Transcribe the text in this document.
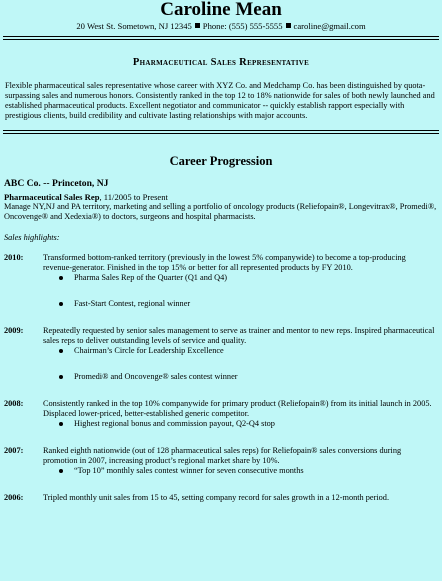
Caroline Mean

20 West St. Sometown, NJ 12345 Phone: (555) 555-5555 caroline@gmail.com

Pharmaceutical Sales Representative

Flexible pharmaceutical sales representative whose career with XYZ Co. and Medchamp Co. has been distinguished by quota-surpassing sales and numerous honors. Consistently ranked in the top 12 to 18% nationwide for sales of both newly launched and established pharmaceutical products. Excellent negotiator and communicator -- quickly establish rapport especially with prestigious clients, build credibility and cultivate lasting relationships with major accounts.

Career Progression
ABC Co. -- Princeton, NJ
Pharmaceutical Sales Rep, 11/2005 to Present
Manage NY,NJ and PA territory, marketing and selling a portfolio of oncology products (Reliefopain®, Longevitrax®, Promedi®, Oncovenge® and Xedexia®) to doctors, surgeons and hospital pharmacists.
Sales highlights:
2010:	Transformed bottom-ranked territory (previously in the lowest 5% companywide) to become a top-producing revenue-generator. Finished in the top 15% or better for all represented products by FY 2010.
Pharma Sales Rep of the Quarter (Q1 and Q4)
Fast-Start Contest, regional winner
2009:	Repeatedly requested by senior sales management to serve as trainer and mentor to new reps. Inspired pharmaceutical sales reps to deliver outstanding levels of service and quality.
Chairman’s Circle for Leadership Excellence
Promedi® and Oncovenge® sales contest winner
2008:	Consistently ranked in the top 10% companywide for primary product (Reliefopain®) from its initial launch in 2005. Displaced lower-priced, better-established generic competitor.
Highest regional bonus and commission payout, Q2-Q4 stop
2007:	Ranked eighth nationwide (out of 128 pharmaceutical sales reps) for Reliefopain® sales conversions during promotion in 2007, increasing product’s regional market share by 10%.
“Top 10” monthly sales contest winner for seven consecutive months
2006:	Tripled monthly unit sales from 15 to 45, setting company record for sales growth in a 12-month period.
